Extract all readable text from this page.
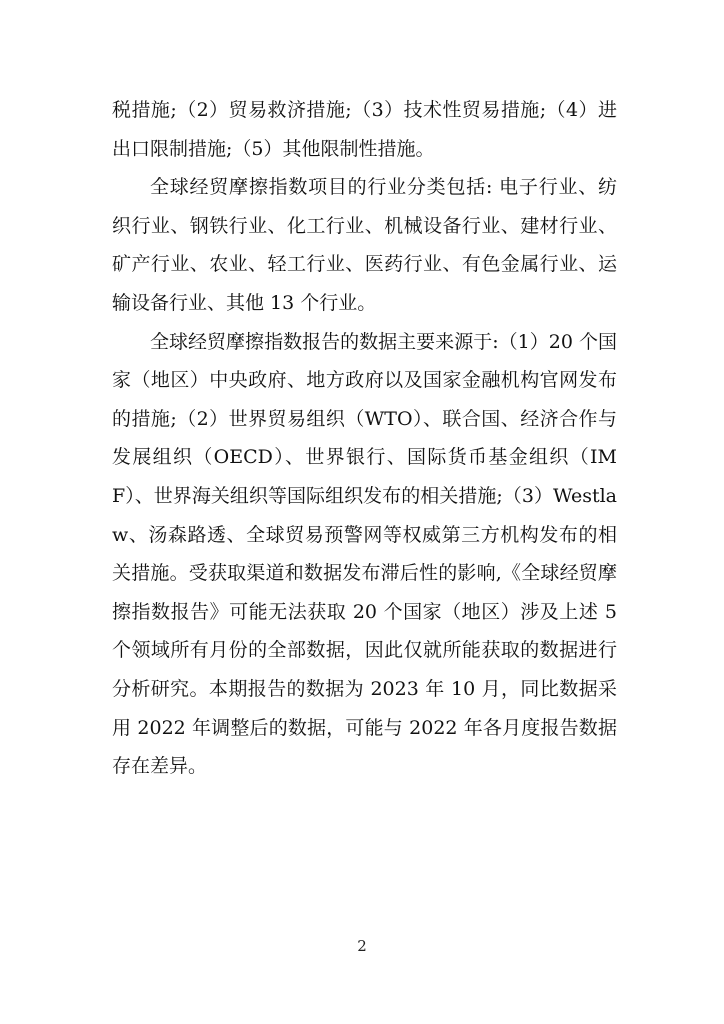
税措施;（2）贸易救济措施;（3）技术性贸易措施;（4）进出口限制措施;（5）其他限制性措施。

全球经贸摩擦指数项目的行业分类包括: 电子行业、纺织行业、钢铁行业、化工行业、机械设备行业、建材行业、矿产行业、农业、轻工行业、医药行业、有色金属行业、运输设备行业、其他 13 个行业。

全球经贸摩擦指数报告的数据主要来源于:（1）20 个国家（地区）中央政府、地方政府以及国家金融机构官网发布的措施;（2）世界贸易组织（WTO）、联合国、经济合作与发展组织（OECD）、世界银行、国际货币基金组织（IMF）、世界海关组织等国际组织发布的相关措施;（3）Westlaw、汤森路透、全球贸易预警网等权威第三方机构发布的相关措施。受获取渠道和数据发布滞后性的影响,《全球经贸摩擦指数报告》可能无法获取 20 个国家（地区）涉及上述 5 个领域所有月份的全部数据，因此仅就所能获取的数据进行分析研究。本期报告的数据为 2023 年 10 月，同比数据采用 2022 年调整后的数据，可能与 2022 年各月度报告数据存在差异。

2
